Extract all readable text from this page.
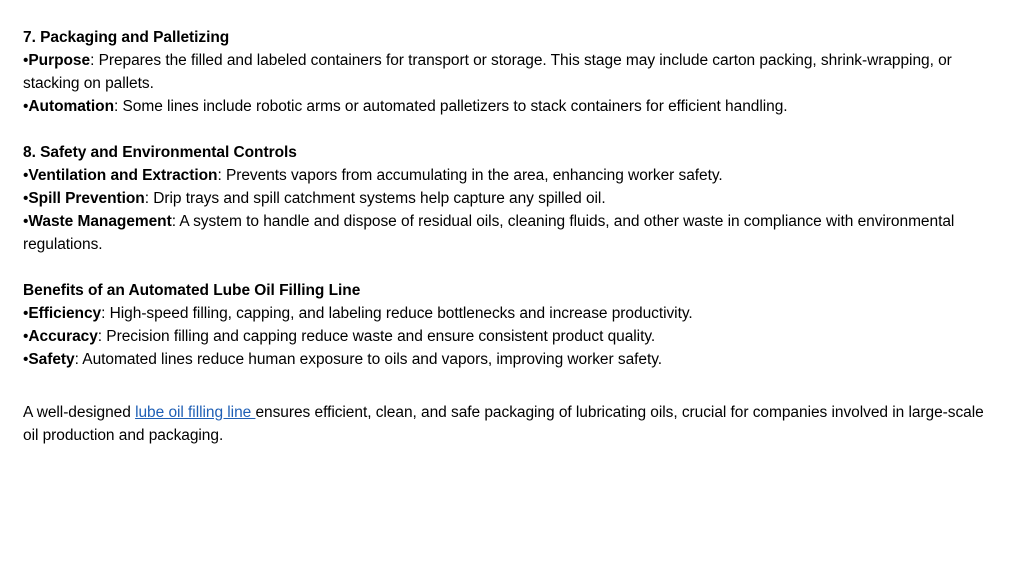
7. Packaging and Palletizing

•Purpose: Prepares the filled and labeled containers for transport or storage. This stage may include carton packing, shrink-wrapping, or stacking on pallets.

•Automation: Some lines include robotic arms or automated palletizers to stack containers for efficient handling.

8. Safety and Environmental Controls

•Ventilation and Extraction: Prevents vapors from accumulating in the area, enhancing worker safety.

•Spill Prevention: Drip trays and spill catchment systems help capture any spilled oil.

•Waste Management: A system to handle and dispose of residual oils, cleaning fluids, and other waste in compliance with environmental regulations.

Benefits of an Automated Lube Oil Filling Line

•Efficiency: High-speed filling, capping, and labeling reduce bottlenecks and increase productivity.

•Accuracy: Precision filling and capping reduce waste and ensure consistent product quality.

•Safety: Automated lines reduce human exposure to oils and vapors, improving worker safety.

A well-designed lube oil filling line ensures efficient, clean, and safe packaging of lubricating oils, crucial for companies involved in large-scale oil production and packaging.
